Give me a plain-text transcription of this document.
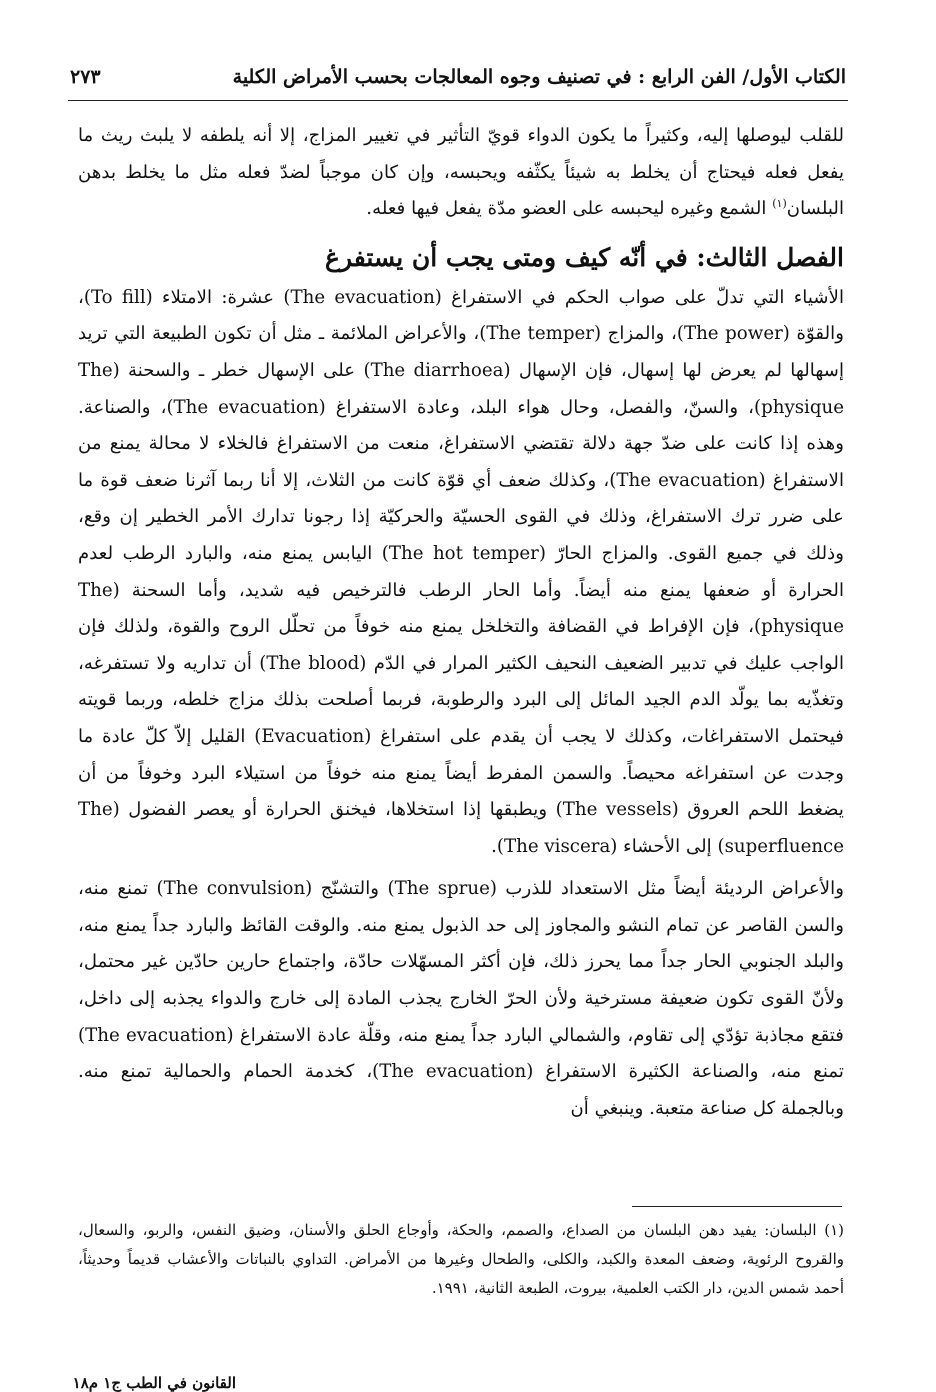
الكتاب الأول/ الفن الرابع : في تصنيف وجوه المعالجات بحسب الأمراض الكلية
٢٧٣

للقلب ليوصلها إليه، وكثيراً ما يكون الدواء قويّ التأثير في تغيير المزاج، إلا أنه يلطفه لا يلبث ريث ما يفعل فعله فيحتاج أن يخلط به شيئاً يكثّفه ويحبسه، وإن كان موجباً لضدّ فعله مثل ما يخلط بدهن البلسان$^{(١)}$ الشمع وغيره ليحبسه على العضو مدّة يفعل فيها فعله.

الفصل الثالث: في أنّه كيف ومتى يجب أن يستفرغ

الأشياء التي تدلّ على صواب الحكم في الاستفراغ (The evacuation) عشرة: الامتلاء (To fill)، والقوّة (The power)، والمزاج (The temper)، والأعراض الملائمة ـ مثل أن تكون الطبيعة التي تريد إسهالها لم يعرض لها إسهال، فإن الإسهال (The diarrhoea) على الإسهال خطر ـ والسحنة (The physique)، والسنّ، والفصل، وحال هواء البلد، وعادة الاستفراغ (The evacuation)، والصناعة. وهذه إذا كانت على ضدّ جهة دلالة تقتضي الاستفراغ، منعت من الاستفراغ فالخلاء لا محالة يمنع من الاستفراغ (The evacuation)، وكذلك ضعف أي قوّة كانت من الثلاث، إلا أنا ربما آثرنا ضعف قوة ما على ضرر ترك الاستفراغ، وذلك في القوى الحسيّة والحركيّة إذا رجونا تدارك الأمر الخطير إن وقع، وذلك في جميع القوى. والمزاج الحارّ (The hot temper) اليابس يمنع منه، والبارد الرطب لعدم الحرارة أو ضعفها يمنع منه أيضاً. وأما الحار الرطب فالترخيص فيه شديد، وأما السحنة (The physique)، فإن الإفراط في القضافة والتخلخل يمنع منه خوفاً من تحلّل الروح والقوة، ولذلك فإن الواجب عليك في تدبير الضعيف النحيف الكثير المرار في الدّم (The blood) أن تداريه ولا تستفرغه، وتغذّيه بما يولّد الدم الجيد المائل إلى البرد والرطوبة، فربما أصلحت بذلك مزاج خلطه، وربما قويته فيحتمل الاستفراغات، وكذلك لا يجب أن يقدم على استفراغ (Evacuation) القليل إلاّ كلّ عادة ما وجدت عن استفراغه محيصاً. والسمن المفرط أيضاً يمنع منه خوفاً من استيلاء البرد وخوفاً من أن يضغط اللحم العروق (The vessels) ويطبقها إذا استخلاها، فيخنق الحرارة أو يعصر الفضول (The superfluence) إلى الأحشاء (The viscera).

والأعراض الرديئة أيضاً مثل الاستعداد للذرب (The sprue) والتشنّج (The convulsion) تمنع منه، والسن القاصر عن تمام النشو والمجاوز إلى حد الذبول يمنع منه. والوقت القائظ والبارد جداً يمنع منه، والبلد الجنوبي الحار جداً مما يحرز ذلك، فإن أكثر المسهّلات حادّة، واجتماع حارين حادّين غير محتمل، ولأنّ القوى تكون ضعيفة مسترخية ولأن الحرّ الخارج يجذب المادة إلى خارج والدواء يجذبه إلى داخل، فتقع مجاذبة تؤدّي إلى تقاوم، والشمالي البارد جداً يمنع منه، وقلّة عادة الاستفراغ (The evacuation) تمنع منه، والصناعة الكثيرة الاستفراغ (The evacuation)، كخدمة الحمام والحمالية تمنع منه. وبالجملة كل صناعة متعبة. وينبغي أن

(١) البلسان: يفيد دهن البلسان من الصداع، والصمم، والحكة، وأوجاع الحلق والأسنان، وضيق النفس، والربو، والسعال، والقروح الرئوية، وضعف المعدة والكبد، والكلى، والطحال وغيرها من الأمراض. التداوي بالنباتات والأعشاب قديماً وحديثاً، أحمد شمس الدين، دار الكتب العلمية، بيروت، الطبعة الثانية، ١٩٩١.

القانون في الطب ج١ م١٨
